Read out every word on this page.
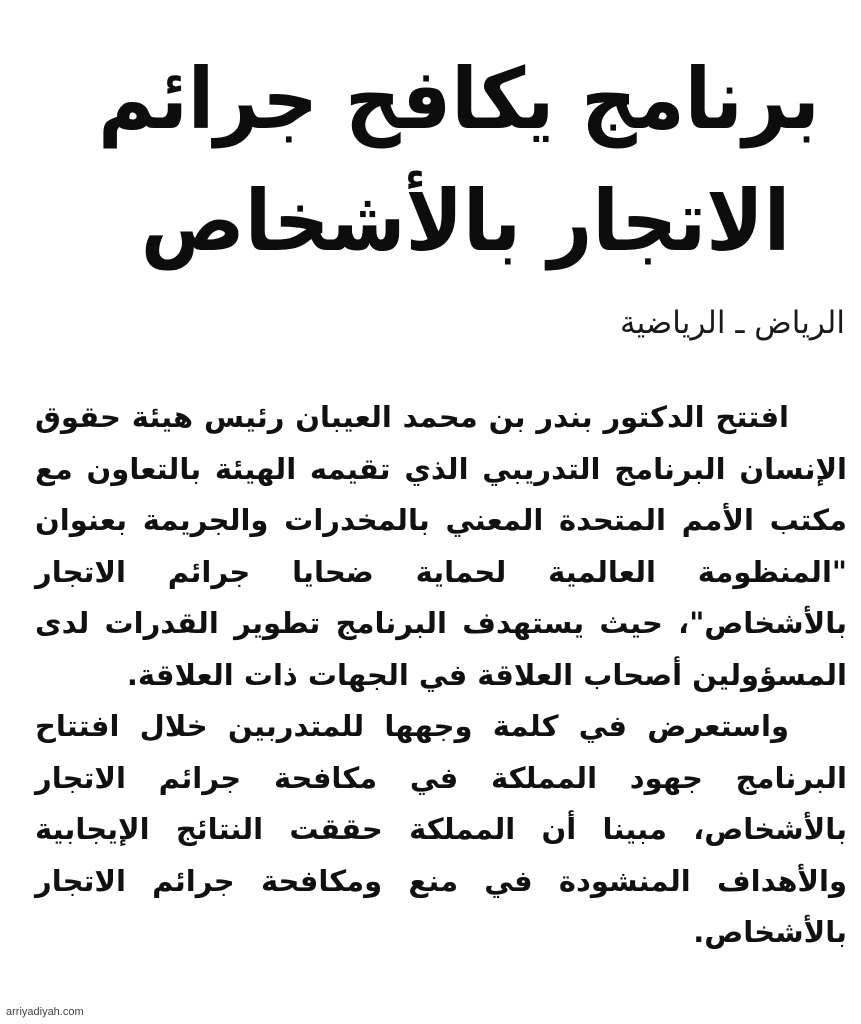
برنامج يكافح جرائم
الاتجار بالأشخاص
الرياض ـ الرياضية

افتتح الدكتور بندر بن محمد العيبان رئيس هيئة حقوق الإنسان البرنامج التدريبي الذي تقيمه الهيئة بالتعاون مع مكتب الأمم المتحدة المعني بالمخدرات والجريمة بعنوان "المنظومة العالمية لحماية ضحايا جرائم الاتجار بالأشخاص"، حيث يستهدف البرنامج تطوير القدرات لدى المسؤولين أصحاب العلاقة في الجهات ذات العلاقة.

واستعرض في كلمة وجهها للمتدربين خلال افتتاح البرنامج جهود المملكة في مكافحة جرائم الاتجار بالأشخاص، مبينا أن المملكة حققت النتائج الإيجابية والأهداف المنشودة في منع ومكافحة جرائم الاتجار بالأشخاص.

arriyadiyah.com
